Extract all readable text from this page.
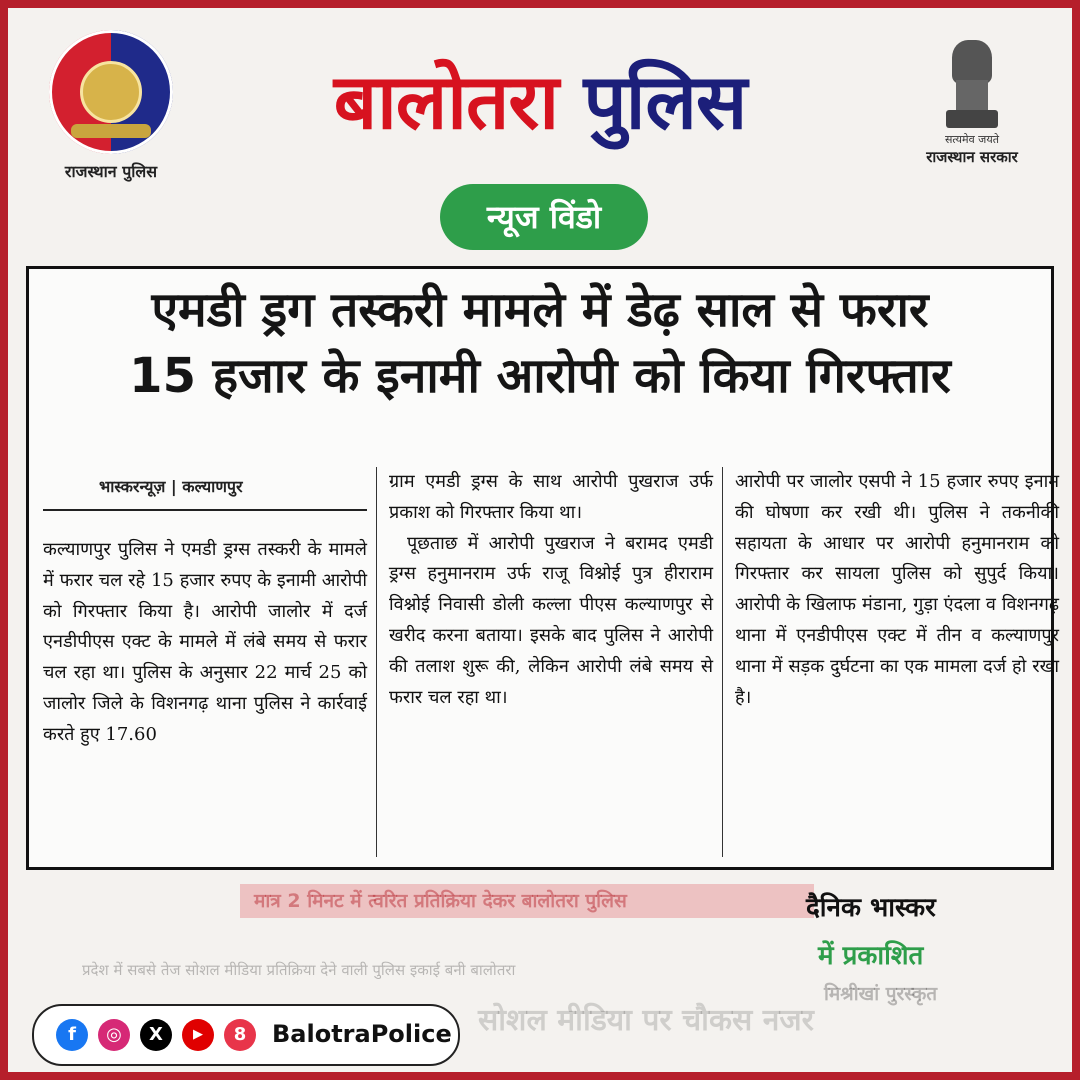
राजस्थान पुलिस
बालोतरा पुलिस	सत्यमेव जयते
राजस्थान सरकार
न्यूज विंडो
एमडी ड्रग तस्करी मामले में डेढ़ साल से फरार
15 हजार के इनामी आरोपी को किया गिरफ्तार
भास्करन्यूज़ | कल्याणपुर

कल्याणपुर पुलिस ने एमडी ड्रग्स तस्करी के मामले में फरार चल रहे 15 हजार रुपए के इनामी आरोपी को गिरफ्तार किया है। आरोपी जालोर में दर्ज एनडीपीएस एक्ट के मामले में लंबे समय से फरार चल रहा था। पुलिस के अनुसार 22 मार्च 25 को जालोर जिले के विशनगढ़ थाना पुलिस ने कार्रवाई करते हुए 17.60

ग्राम एमडी ड्रग्स के साथ आरोपी पुखराज उर्फ प्रकाश को गिरफ्तार किया था।

पूछताछ में आरोपी पुखराज ने बरामद एमडी ड्रग्स हनुमानराम उर्फ राजू विश्नोई पुत्र हीराराम विश्नोई निवासी डोली कल्ला पीएस कल्याणपुर से खरीद करना बताया। इसके बाद पुलिस ने आरोपी की तलाश शुरू की, लेकिन आरोपी लंबे समय से फरार चल रहा था।

आरोपी पर जालोर एसपी ने 15 हजार रुपए इनाम की घोषणा कर रखी थी। पुलिस ने तकनीकी सहायता के आधार पर आरोपी हनुमानराम को गिरफ्तार कर सायला पुलिस को सुपुर्द किया। आरोपी के खिलाफ मंडाना, गुड़ा एंदला व विशनगढ़ थाना में एनडीपीएस एक्ट में तीन व कल्याणपुर थाना में सड़क दुर्घटना का एक मामला दर्ज हो रखा है।

मात्र 2 मिनट में त्वरित प्रतिक्रिया देकर बालोतरा पुलिस
प्रदेश में सबसे तेज सोशल मीडिया प्रतिक्रिया देने वाली पुलिस इकाई बनी बालोतरा
सोशल मीडिया पर चौकस नजर
मिश्रीखां पुरस्कृत
दैनिक भास्कर
में प्रकाशित
f	◎	X	▶	8	BalotraPolice
